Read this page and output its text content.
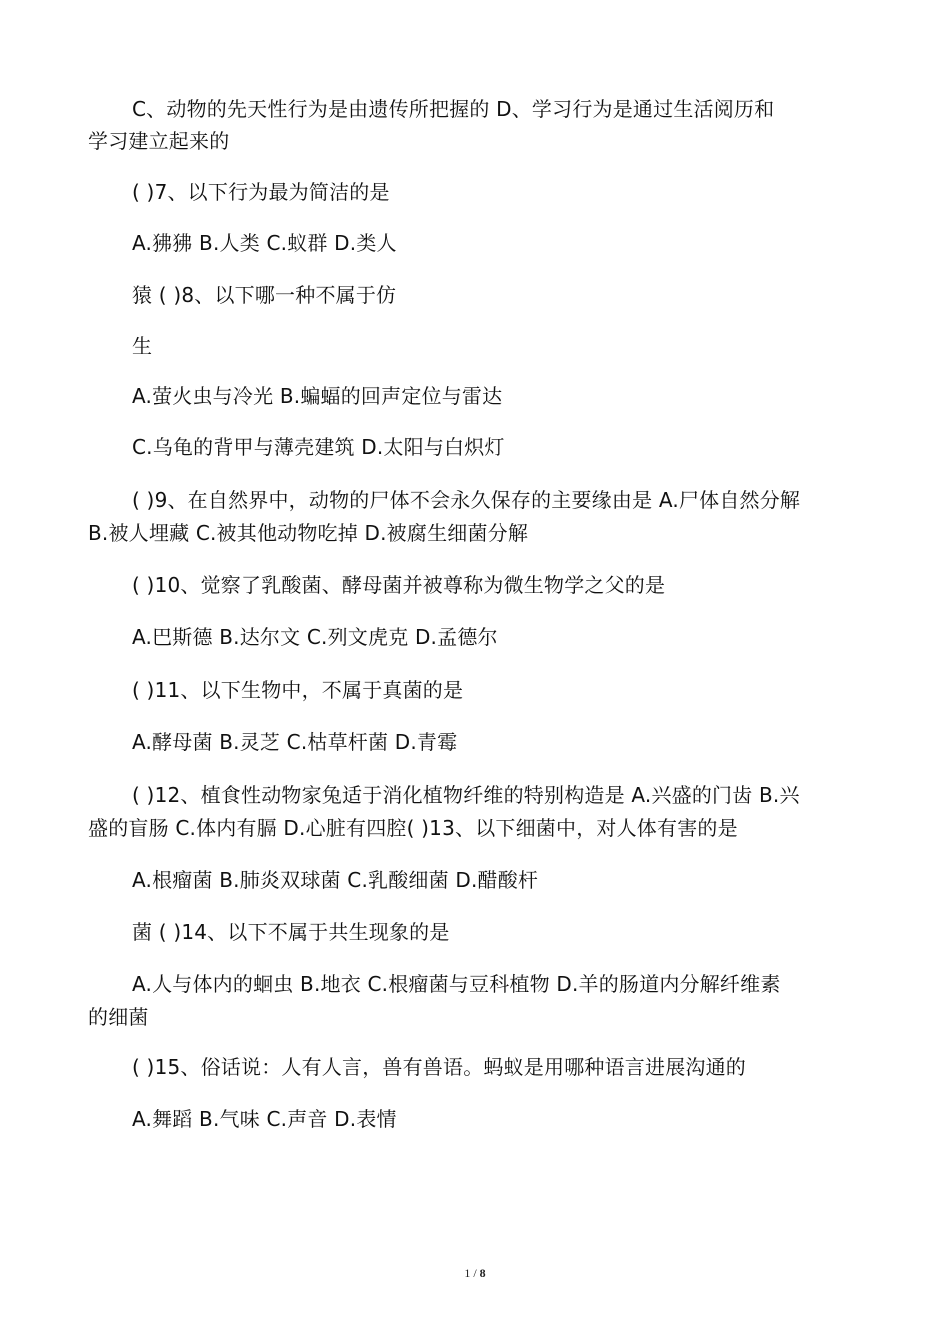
C、动物的先天性行为是由遗传所把握的 D、学习行为是通过生活阅历和
学习建立起来的
( )7、以下行为最为简洁的是
A.狒狒 B.人类 C.蚁群 D.类人
猿 ( )8、以下哪一种不属于仿
生
A.萤火虫与冷光 B.蝙蝠的回声定位与雷达
C.乌龟的背甲与薄壳建筑 D.太阳与白炽灯
( )9、在自然界中，动物的尸体不会永久保存的主要缘由是 A.尸体自然分解
B.被人埋藏 C.被其他动物吃掉 D.被腐生细菌分解
( )10、觉察了乳酸菌、酵母菌并被尊称为微生物学之父的是
A.巴斯德 B.达尔文 C.列文虎克 D.孟德尔
( )11、以下生物中，不属于真菌的是
A.酵母菌 B.灵芝 C.枯草杆菌 D.青霉
( )12、植食性动物家兔适于消化植物纤维的特别构造是 A.兴盛的门齿 B.兴
盛的盲肠 C.体内有膈 D.心脏有四腔( )13、以下细菌中，对人体有害的是
A.根瘤菌 B.肺炎双球菌 C.乳酸细菌 D.醋酸杆
菌 ( )14、以下不属于共生现象的是
A.人与体内的蛔虫 B.地衣 C.根瘤菌与豆科植物 D.羊的肠道内分解纤维素
的细菌
( )15、俗话说：人有人言，兽有兽语。蚂蚁是用哪种语言进展沟通的
A.舞蹈 B.气味 C.声音 D.表情
1 / 8
